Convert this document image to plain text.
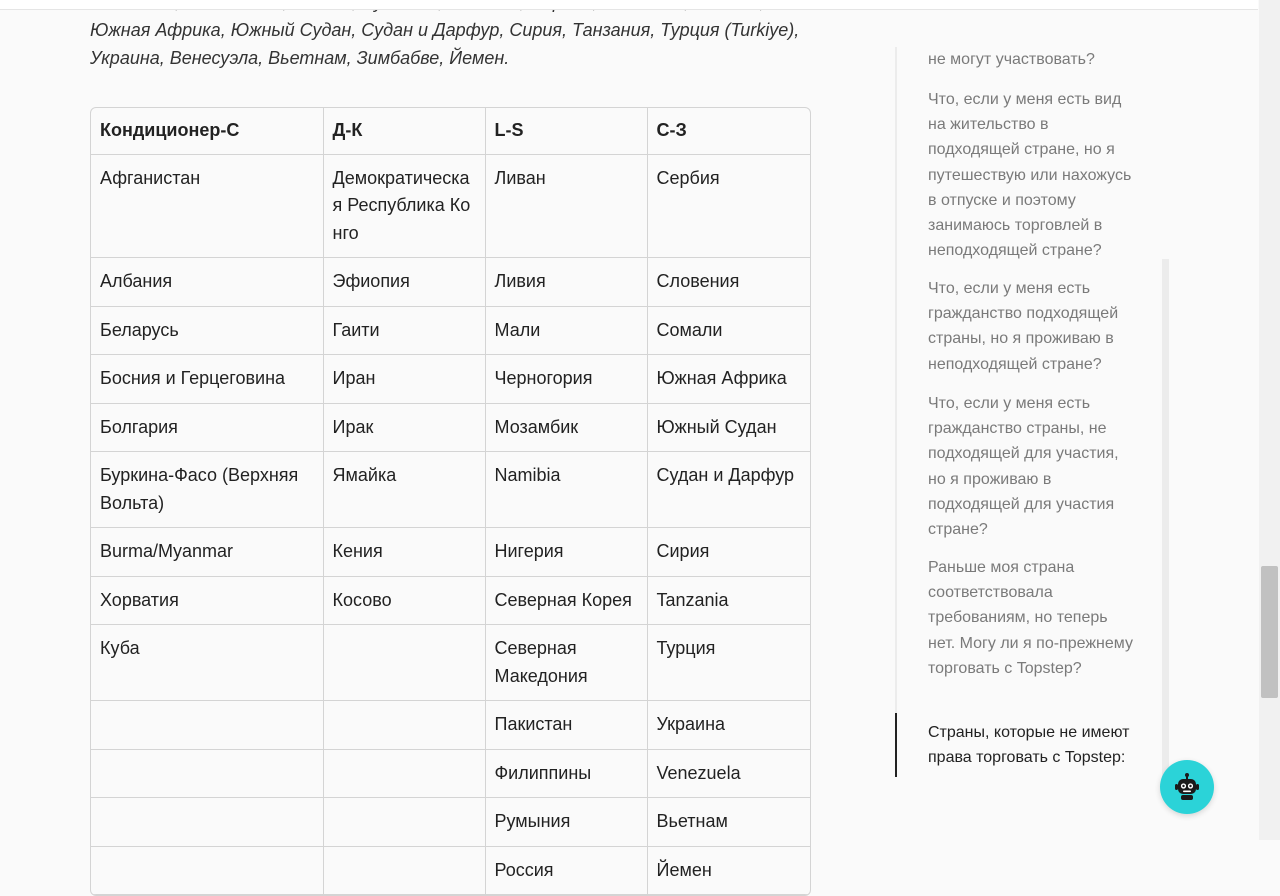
Южная Африка, Южный Судан, Судан и Дарфур, Сирия, Танзания, Турция (Turkiye),
Украина, Венесуэла, Вьетнам, Зимбабве, Йемен.
Кондиционер-С	Д-К	L-S	С-З

Афганистан	Демократическая Республика Конго	Ливан	Сербия

Албания	Эфиопия	Ливия	Словения

Беларусь	Гаити	Мали	Сомали

Босния и Герцеговина	Иран	Черногория	Южная Африка

Болгария	Ирак	Мозамбик	Южный Судан

Буркина-Фасо (Верхняя Вольта)	Ямайка	Namibia	Судан и Дарфур

Burma/Myanmar	Кения	Нигерия	Сирия

Хорватия	Косово	Северная Корея	Tanzania

Куба		Северная Македония	Турция

		Пакистан	Украина

		Филиппины	Venezuela

		Румыния	Вьетнам

		Россия	Йемен

не могут участвовать?

Что, если у меня есть вид на жительство в подходящей стране, но я путешествую или нахожусь в отпуске и поэтому занимаюсь торговлей в неподходящей стране?

Что, если у меня есть гражданство подходящей страны, но я проживаю в неподходящей стране?

Что, если у меня есть гражданство страны, не подходящей для участия, но я проживаю в подходящей для участия стране?

Раньше моя страна соответствовала требованиям, но теперь нет. Могу ли я по-прежнему торговать с Topstep?

Страны, которые не имеют права торговать с Topstep:
